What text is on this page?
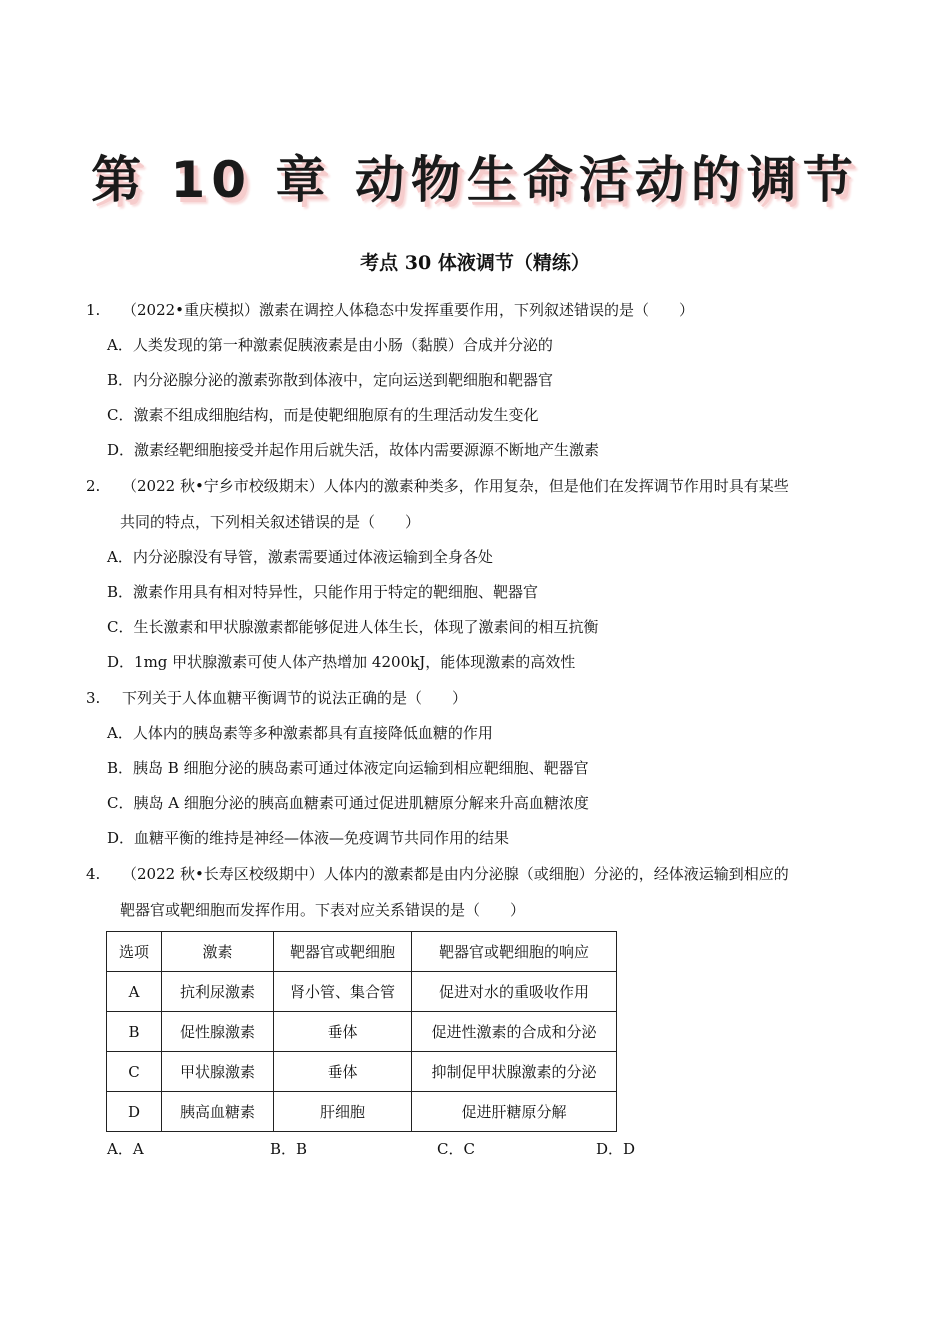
第 10 章 动物生命活动的调节
考点 30 体液调节（精练）
1. （2022•重庆模拟）激素在调控人体稳态中发挥重要作用，下列叙述错误的是（　　）
A．人类发现的第一种激素促胰液素是由小肠（黏膜）合成并分泌的
B．内分泌腺分泌的激素弥散到体液中，定向运送到靶细胞和靶器官
C．激素不组成细胞结构，而是使靶细胞原有的生理活动发生变化
D．激素经靶细胞接受并起作用后就失活，故体内需要源源不断地产生激素
2. （2022 秋•宁乡市校级期末）人体内的激素种类多，作用复杂，但是他们在发挥调节作用时具有某些
共同的特点，下列相关叙述错误的是（　　）
A．内分泌腺没有导管，激素需要通过体液运输到全身各处
B．激素作用具有相对特异性，只能作用于特定的靶细胞、靶器官
C．生长激素和甲状腺激素都能够促进人体生长，体现了激素间的相互抗衡
D．1mg 甲状腺激素可使人体产热增加 4200kJ，能体现激素的高效性
3. 下列关于人体血糖平衡调节的说法正确的是（　　）
A．人体内的胰岛素等多种激素都具有直接降低血糖的作用
B．胰岛 B 细胞分泌的胰岛素可通过体液定向运输到相应靶细胞、靶器官
C．胰岛 A 细胞分泌的胰高血糖素可通过促进肌糖原分解来升高血糖浓度
D．血糖平衡的维持是神经—体液—免疫调节共同作用的结果
4. （2022 秋•长寿区校级期中）人体内的激素都是由内分泌腺（或细胞）分泌的，经体液运输到相应的
靶器官或靶细胞而发挥作用。下表对应关系错误的是（　　）
选项	激素	靶器官或靶细胞	靶器官或靶细胞的响应
A	抗利尿激素	肾小管、集合管	促进对水的重吸收作用
B	促性腺激素	垂体	促进性激素的合成和分泌
C	甲状腺激素	垂体	抑制促甲状腺激素的分泌
D	胰高血糖素	肝细胞	促进肝糖原分解
A．A	B．B	C．C	D．D
